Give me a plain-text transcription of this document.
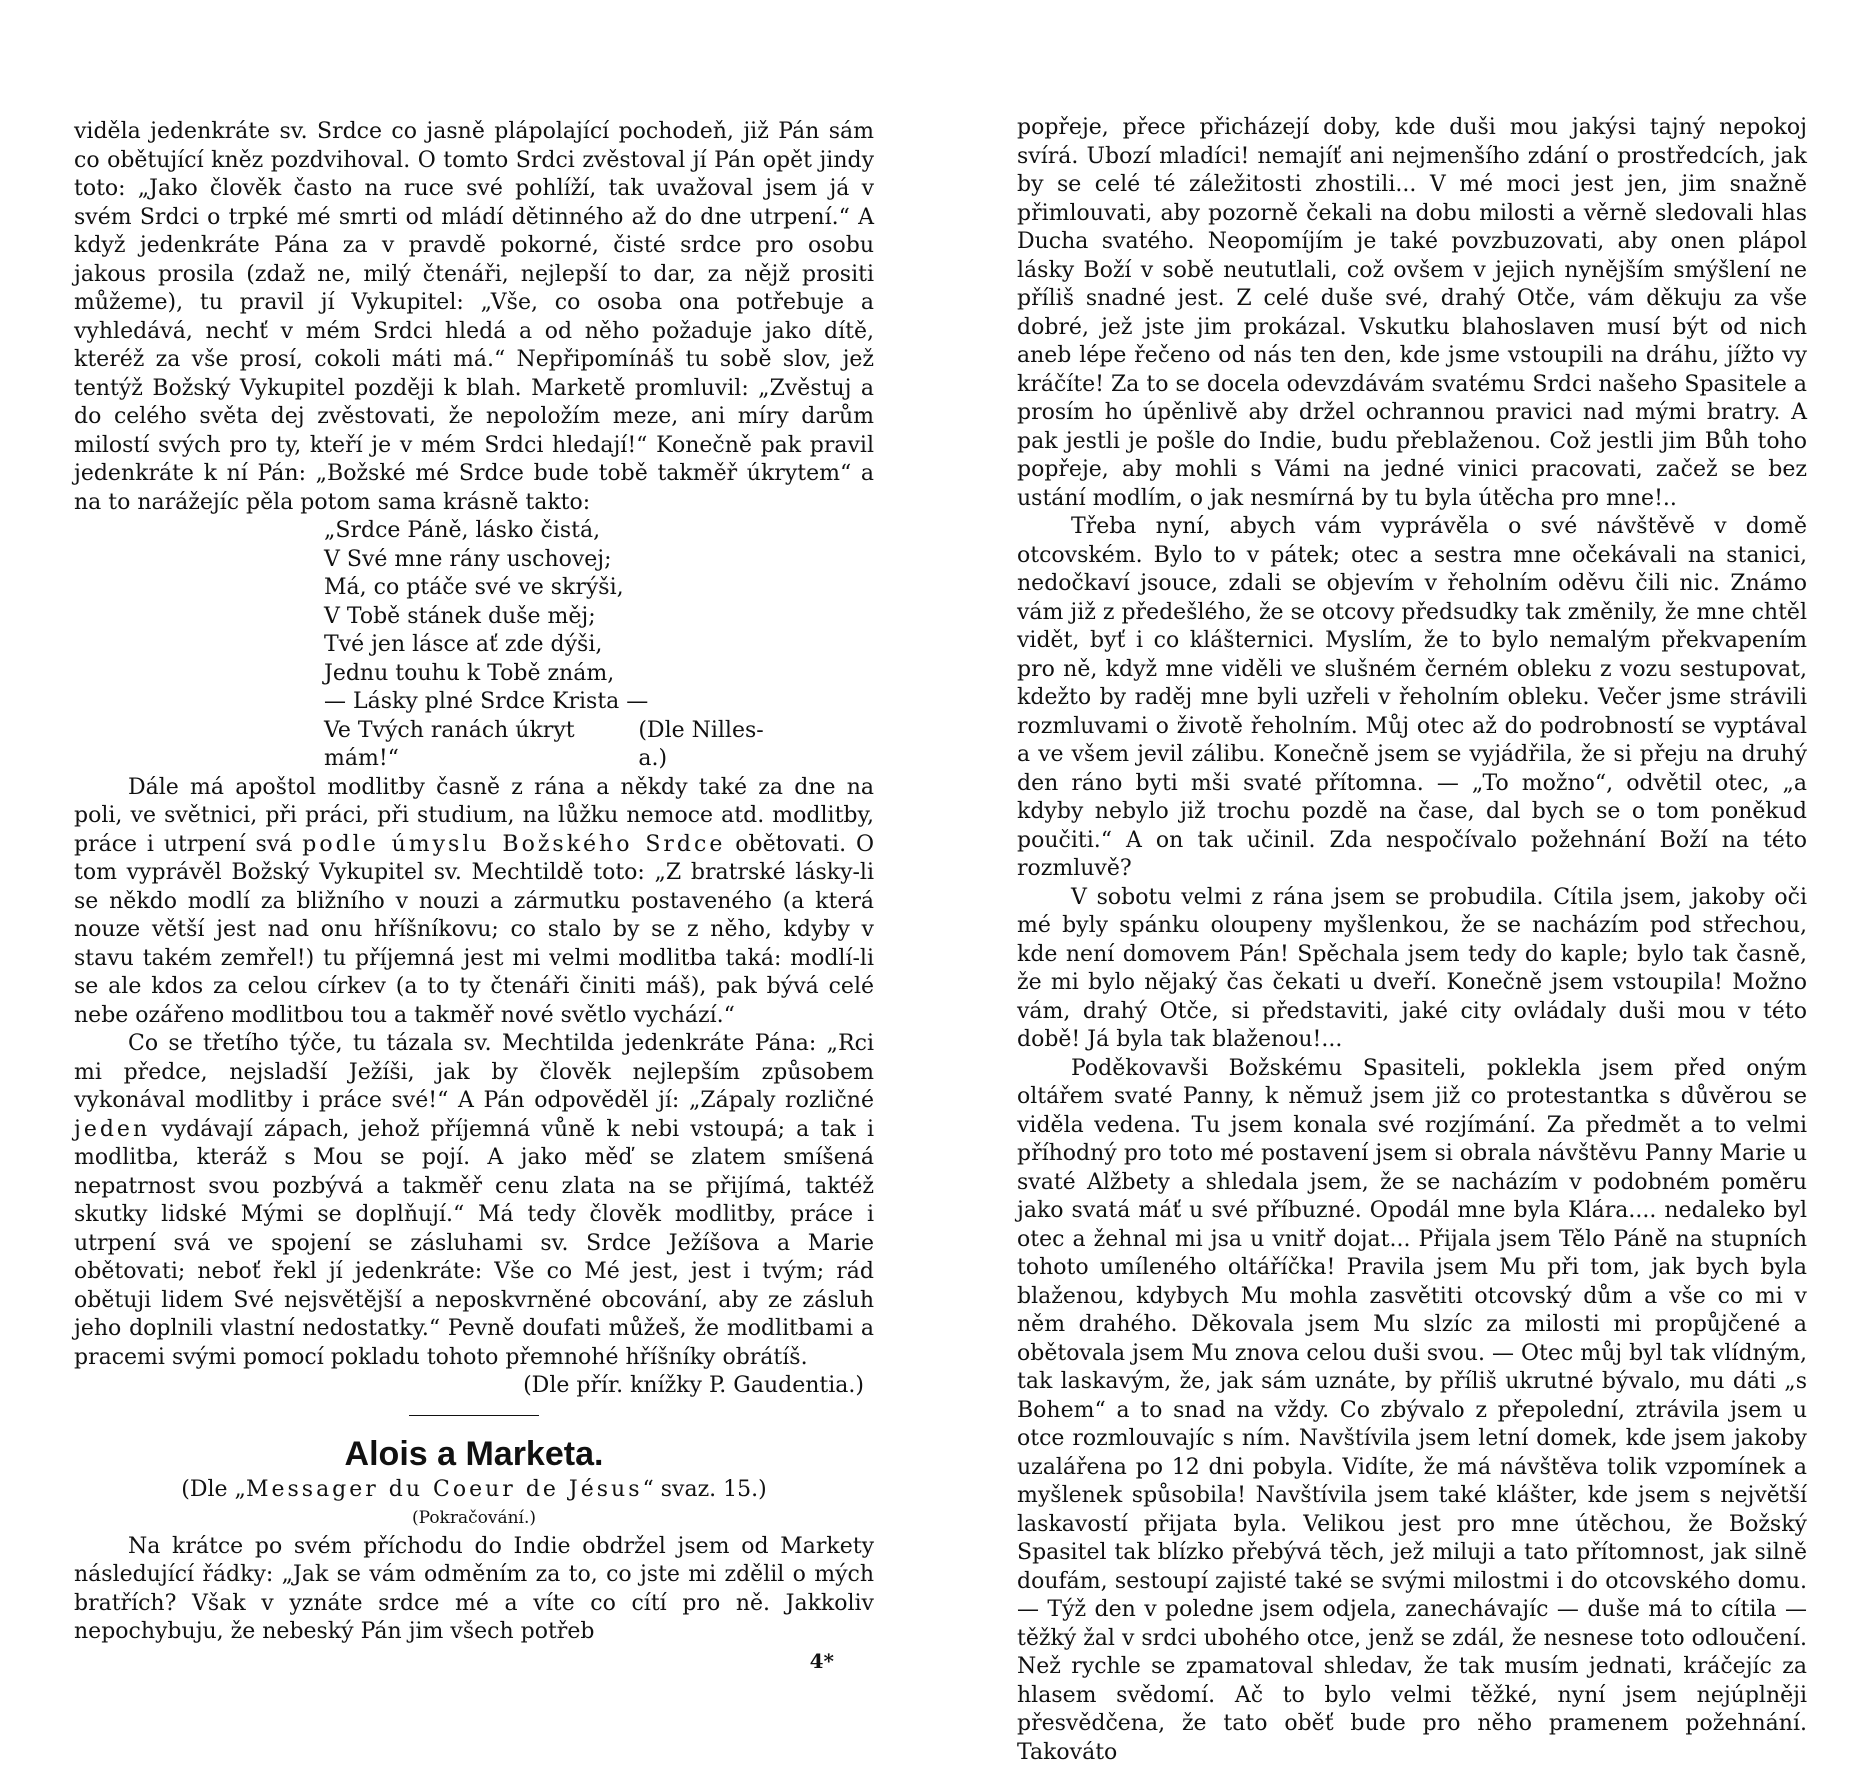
viděla jedenkráte sv. Srdce co jasně plápolající pochodeň, již Pán sám co obětující kněz pozdvihoval. O tomto Srdci zvěstoval jí Pán opět jindy toto: „Jako člověk často na ruce své pohlíží, tak uvažoval jsem já v svém Srdci o trpké mé smrti od mládí dětinného až do dne utrpení.“ A když jedenkráte Pána za v pravdě pokorné, čisté srdce pro osobu jakous prosila (zdaž ne, milý čtenáři, nejlepší to dar, za nějž prositi můžeme), tu pravil jí Vykupitel: „Vše, co osoba ona potřebuje a vyhledává, nechť v mém Srdci hledá a od něho požaduje jako dítě, kteréž za vše prosí, cokoli máti má.“ Nepřipomínáš tu sobě slov, jež tentýž Božský Vykupitel později k blah. Marketě promluvil: „Zvěstuj a do celého světa dej zvěstovati, že nepoložím meze, ani míry darům milostí svých pro ty, kteří je v mém Srdci hledají!“ Konečně pak pravil jedenkráte k ní Pán: „Božské mé Srdce bude tobě takměř úkrytem“ a na to narážejíc pěla potom sama krásně takto:

„Srdce Páně, lásko čistá,
V Své mne rány uschovej;
Má, co ptáče své ve skrýši,
V Tobě stánek duše měj;
Tvé jen lásce ať zde dýši,
Jednu touhu k Tobě znám,
— Lásky plné Srdce Krista —
Ve Tvých ranách úkryt mám!“
(Dle Nilles-a.)

Dále má apoštol modlitby časně z rána a někdy také za dne na poli, ve světnici, při práci, při studium, na lůžku nemoce atd. modlitby, práce i utrpení svá podle úmyslu Božského Srdce obětovati. O tom vyprávěl Božský Vykupitel sv. Mechtildě toto: „Z bratrské lásky-li se někdo modlí za bližního v nouzi a zármutku postaveného (a která nouze větší jest nad onu hříšníkovu; co stalo by se z něho, kdyby v stavu takém zemřel!) tu příjemná jest mi velmi modlitba taká: modlí-li se ale kdos za celou církev (a to ty čtenáři činiti máš), pak bývá celé nebe ozářeno modlitbou tou a takměř nové světlo vychází.“

Co se třetího týče, tu tázala sv. Mechtilda jedenkráte Pána: „Rci mi předce, nejsladší Ježíši, jak by člověk nejlepším způsobem vykonával modlitby i práce své!“ A Pán odpověděl jí: „Zápaly rozličné jeden vydávají zápach, jehož příjemná vůně k nebi vstoupá; a tak i modlitba, kteráž s Mou se pojí. A jako měď se zlatem smíšená nepatrnost svou pozbývá a takměř cenu zlata na se přijímá, taktéž skutky lidské Mými se doplňují.“ Má tedy člověk modlitby, práce i utrpení svá ve spojení se zásluhami sv. Srdce Ježíšova a Marie obětovati; neboť řekl jí jedenkráte: Vše co Mé jest, jest i tvým; rád obětuji lidem Své nejsvětější a neposkvrněné obcování, aby ze zásluh jeho doplnili vlastní nedostatky.“ Pevně doufati můžeš, že modlitbami a pracemi svými pomocí pokladu tohoto přemnohé hříšníky obrátíš.

(Dle přír. knížky P. Gaudentia.)

Alois a Marketa.

(Dle „Messager du Coeur de Jésus“ svaz. 15.)

(Pokračování.)

Na krátce po svém příchodu do Indie obdržel jsem od Markety následující řádky: „Jak se vám odměním za to, co jste mi zdělil o mých bratřích? Však v yznáte srdce mé a víte co cítí pro ně. Jakkoliv nepochybuju, že nebeský Pán jim všech potřeb

4*

popřeje, přece přicházejí doby, kde duši mou jakýsi tajný nepokoj svírá. Ubozí mladíci! nemajíť ani nejmenšího zdání o prostředcích, jak by se celé té záležitosti zhostili... V mé moci jest jen, jim snažně přimlouvati, aby pozorně čekali na dobu milosti a věrně sledovali hlas Ducha svatého. Neopomíjím je také povzbuzovati, aby onen plápol lásky Boží v sobě neututlali, což ovšem v jejich nynějším smýšlení ne příliš snadné jest. Z celé duše své, drahý Otče, vám děkuju za vše dobré, jež jste jim prokázal. Vskutku blahoslaven musí být od nich aneb lépe řečeno od nás ten den, kde jsme vstoupili na dráhu, jížto vy kráčíte! Za to se docela odevzdávám svatému Srdci našeho Spasitele a prosím ho úpěnlivě aby držel ochrannou pravici nad mými bratry. A pak jestli je pošle do Indie, budu přeblaženou. Což jestli jim Bůh toho popřeje, aby mohli s Vámi na jedné vinici pracovati, začež se bez ustání modlím, o jak nesmírná by tu byla útěcha pro mne!..

Třeba nyní, abych vám vyprávěla o své návštěvě v domě otcovském. Bylo to v pátek; otec a sestra mne očekávali na stanici, nedočkaví jsouce, zdali se objevím v řeholním oděvu čili nic. Známo vám již z předešlého, že se otcovy předsudky tak změnily, že mne chtěl vidět, byť i co klášternici. Myslím, že to bylo nemalým překvapením pro ně, když mne viděli ve slušném černém obleku z vozu sestupovat, kdežto by raděj mne byli uzřeli v řeholním obleku. Večer jsme strávili rozmluvami o životě řeholním. Můj otec až do podrobností se vyptával a ve všem jevil zálibu. Konečně jsem se vyjádřila, že si přeju na druhý den ráno byti mši svaté přítomna. — „To možno“, odvětil otec, „a kdyby nebylo již trochu pozdě na čase, dal bych se o tom poněkud poučiti.“ A on tak učinil. Zda nespočívalo požehnání Boží na této rozmluvě?

V sobotu velmi z rána jsem se probudila. Cítila jsem, jakoby oči mé byly spánku oloupeny myšlenkou, že se nacházím pod střechou, kde není domovem Pán! Spěchala jsem tedy do kaple; bylo tak časně, že mi bylo nějaký čas čekati u dveří. Konečně jsem vstoupila! Možno vám, drahý Otče, si představiti, jaké city ovládaly duši mou v této době! Já byla tak blaženou!...

Poděkovavši Božskému Spasiteli, poklekla jsem před oným oltářem svaté Panny, k němuž jsem již co protestantka s důvěrou se viděla vedena. Tu jsem konala své rozjímání. Za předmět a to velmi příhodný pro toto mé postavení jsem si obrala návštěvu Panny Marie u svaté Alžbety a shledala jsem, že se nacházím v podobném poměru jako svatá máť u své příbuzné. Opodál mne byla Klára.... nedaleko byl otec a žehnal mi jsa u vnitř dojat... Přijala jsem Tělo Páně na stupních tohoto umíleného oltáříčka! Pravila jsem Mu při tom, jak bych byla blaženou, kdybych Mu mohla zasvětiti otcovský dům a vše co mi v něm drahého. Děkovala jsem Mu slzíc za milosti mi propůjčené a obětovala jsem Mu znova celou duši svou. — Otec můj byl tak vlídným, tak laskavým, že, jak sám uznáte, by příliš ukrutné bývalo, mu dáti „s Bohem“ a to snad na vždy. Co zbývalo z přepolední, ztrávila jsem u otce rozmlouvajíc s ním. Navštívila jsem letní domek, kde jsem jakoby uzalářena po 12 dni pobyla. Vidíte, že má návštěva tolik vzpomínek a myšlenek spůsobila! Navštívila jsem také klášter, kde jsem s největší laskavostí přijata byla. Velikou jest pro mne útěchou, že Božský Spasitel tak blízko přebývá těch, jež miluji a tato přítomnost, jak silně doufám, sestoupí zajisté také se svými milostmi i do otcovského domu. — Týž den v poledne jsem odjela, zanechávajíc — duše má to cítila — těžký žal v srdci ubohého otce, jenž se zdál, že nesnese toto odloučení. Než rychle se zpamatoval shledav, že tak musím jednati, kráčejíc za hlasem svědomí. Ač to bylo velmi těžké, nyní jsem nejúplněji přesvědčena, že tato oběť bude pro něho pramenem požehnání. Takováto
